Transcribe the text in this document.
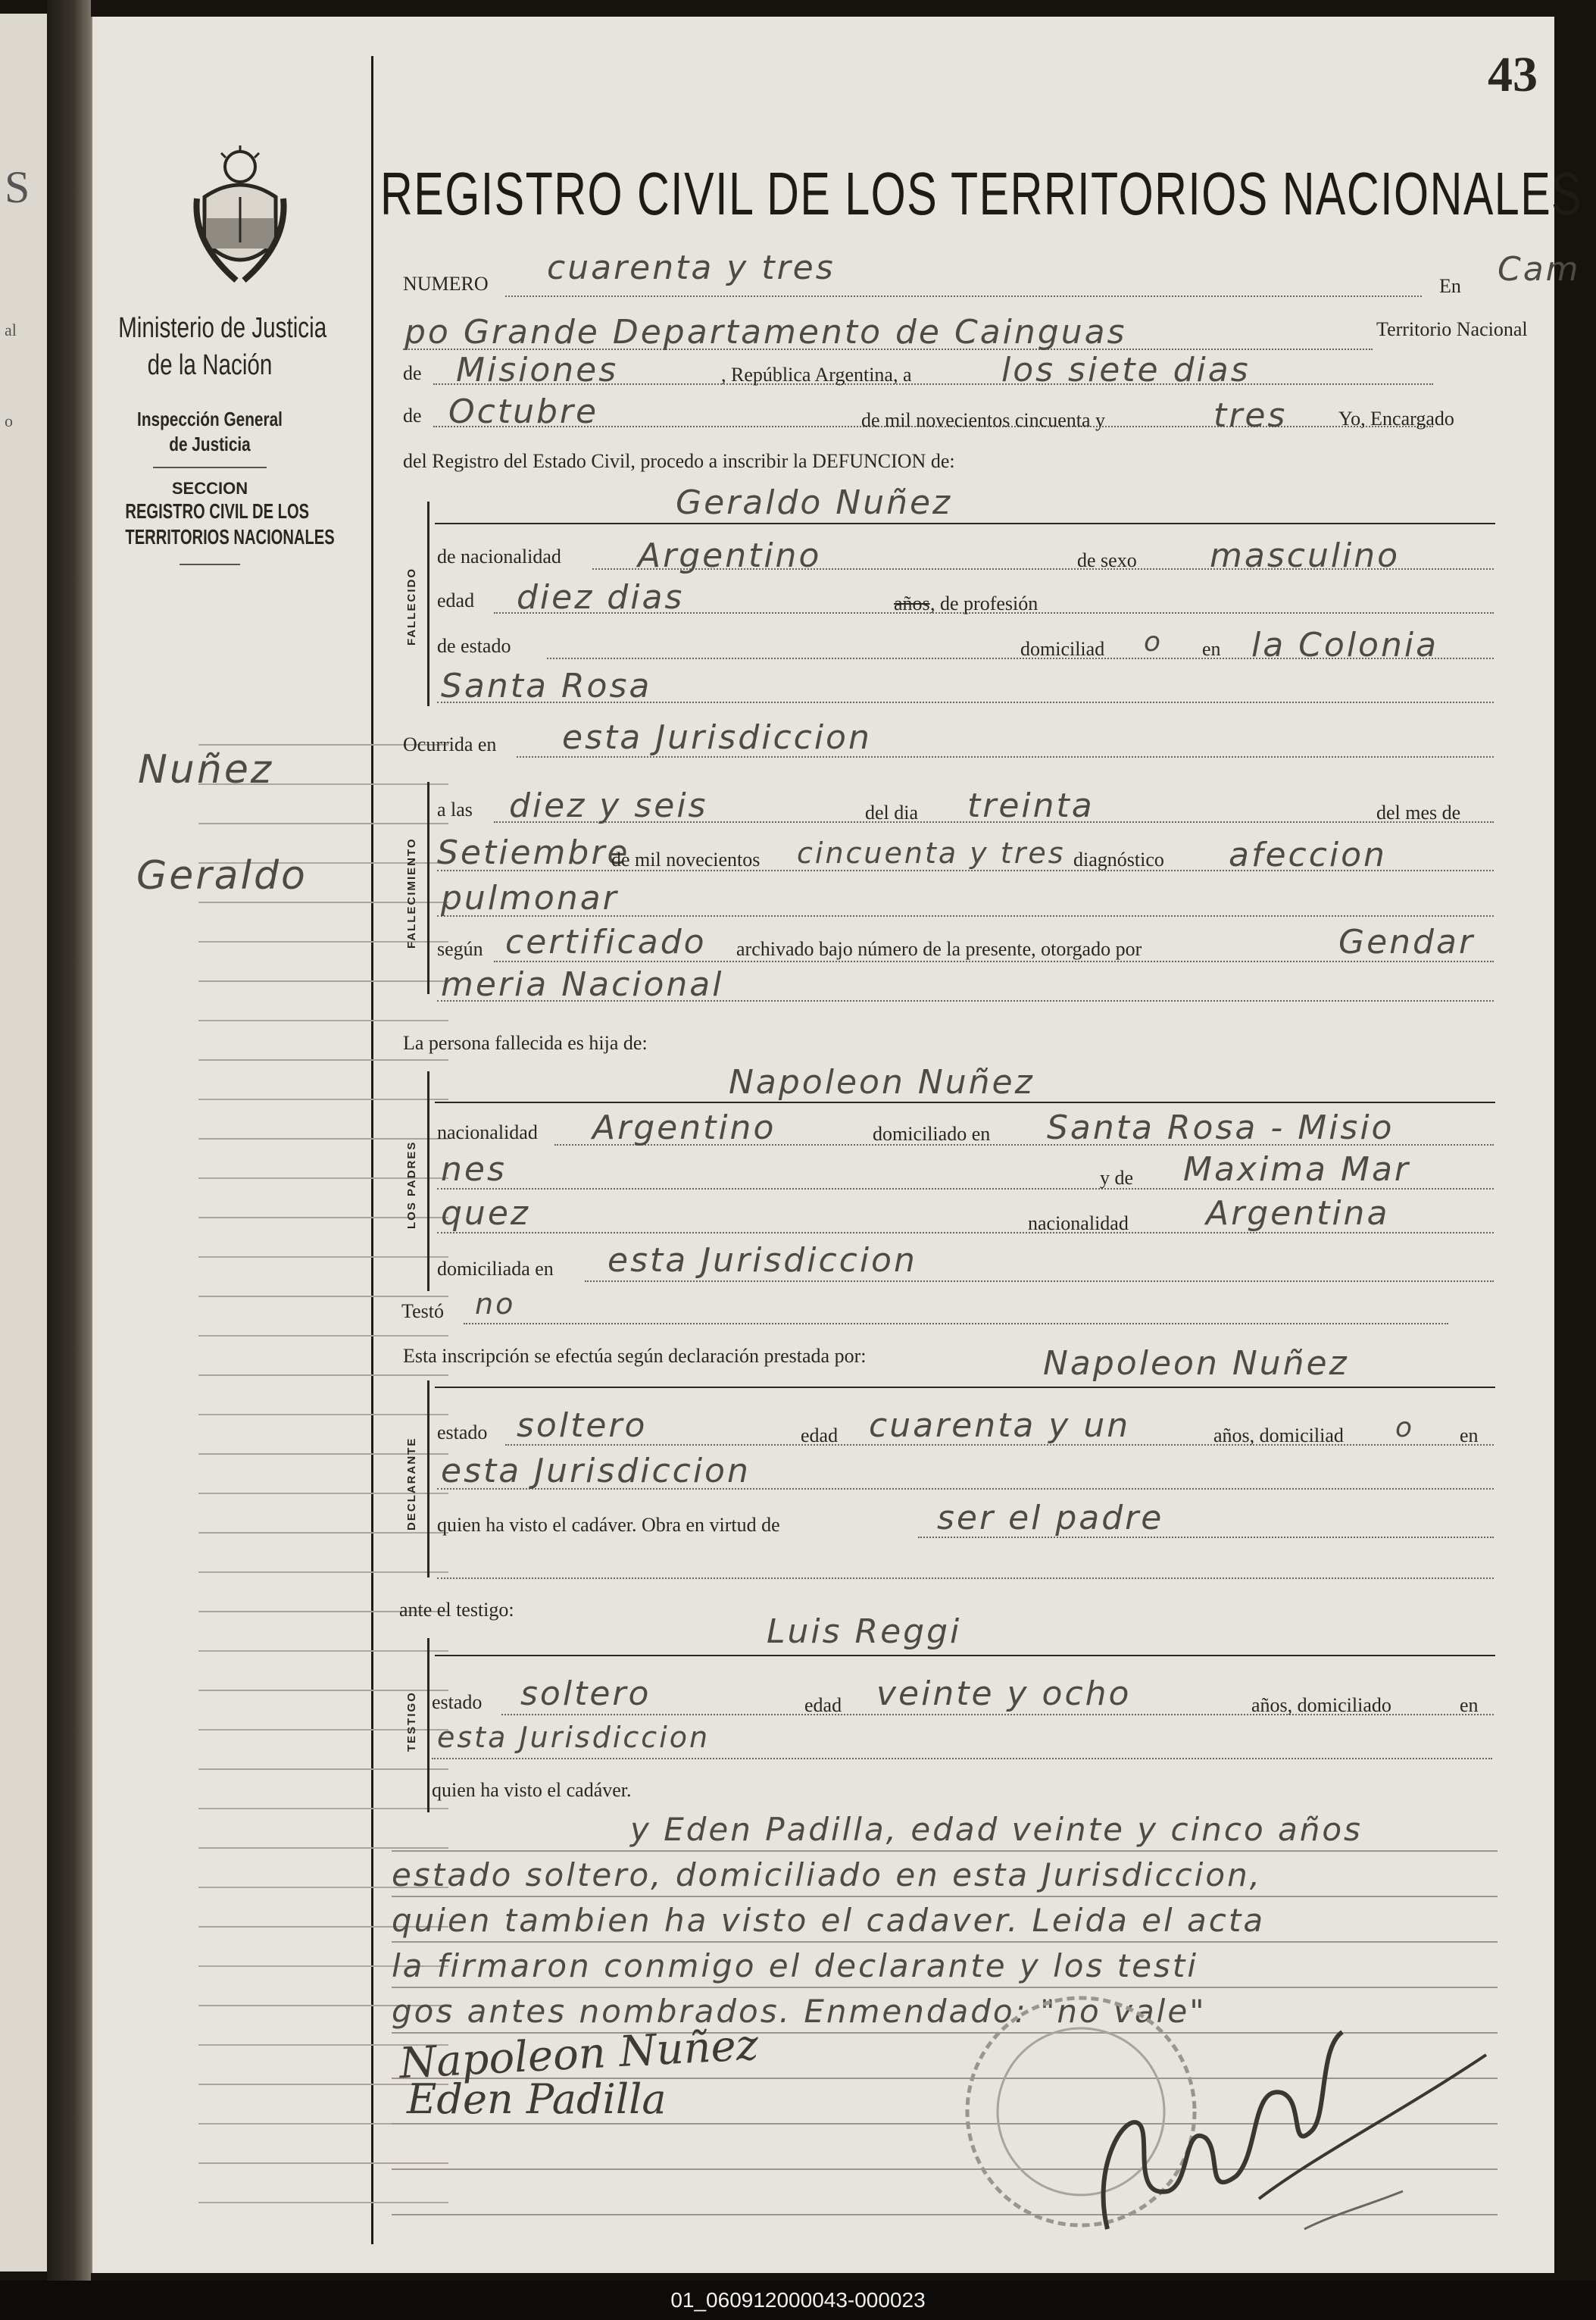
S
al
o
43
Ministerio de Justicia
de la Nación
Inspección General
de Justicia
SECCION
REGISTRO CIVIL DE LOS
TERRITORIOS NACIONALES
Nuñez
Geraldo
REGISTRO CIVIL DE LOS TERRITORIOS NACIONALES
NUMERO cuarenta y tres	En Cam
po Grande Departamento de Cainguas	Territorio Nacional
de Misiones	, República Argentina, a	los siete dias
de Octubre	de mil novecientos cincuenta y	tres	Yo, Encargado
del Registro del Estado Civil, procedo a inscribir la DEFUNCION de:
FALLECIDO
Geraldo Nuñez
de nacionalidad Argentino	de sexo masculino
edad diez dias	años , de profesión
de estado	domiciliad o en la Colonia
Santa Rosa
Ocurrida en esta Jurisdiccion
FALLECIMIENTO
a las diez y seis	del dia treinta	del mes de
Setiembre
de mil novecientos cincuenta y tres diagnóstico afeccion
pulmonar
según certificado archivado bajo número de la presente, otorgado por	Gendar
meria Nacional
La persona fallecida es hija de:
LOS PADRES
Napoleon Nuñez
nacionalidad Argentino	domiciliado en Santa Rosa - Misio
nes	y de Maxima Mar
quez	nacionalidad Argentina
domiciliada en esta Jurisdiccion
Testó no
Esta inscripción se efectúa según declaración prestada por:
DECLARANTE
Napoleon Nuñez
estado soltero	edad cuarenta y un	años, domiciliad o en
esta Jurisdiccion
quien ha visto el cadáver. Obra en virtud de	ser el padre
ante el testigo:
TESTIGO
Luis Reggi
estado soltero	edad veinte y ocho	años, domiciliado	en
esta Jurisdiccion
quien ha visto el cadáver.
y Eden Padilla, edad veinte y cinco años
estado soltero, domiciliado en esta Jurisdiccion,
quien tambien ha visto el cadaver. Leida el acta
la firmaron conmigo el declarante y los testi
gos antes nombrados. Enmendado: "no vale"
Napoleon Nuñez
Eden Padilla
01_060912000043-000023
